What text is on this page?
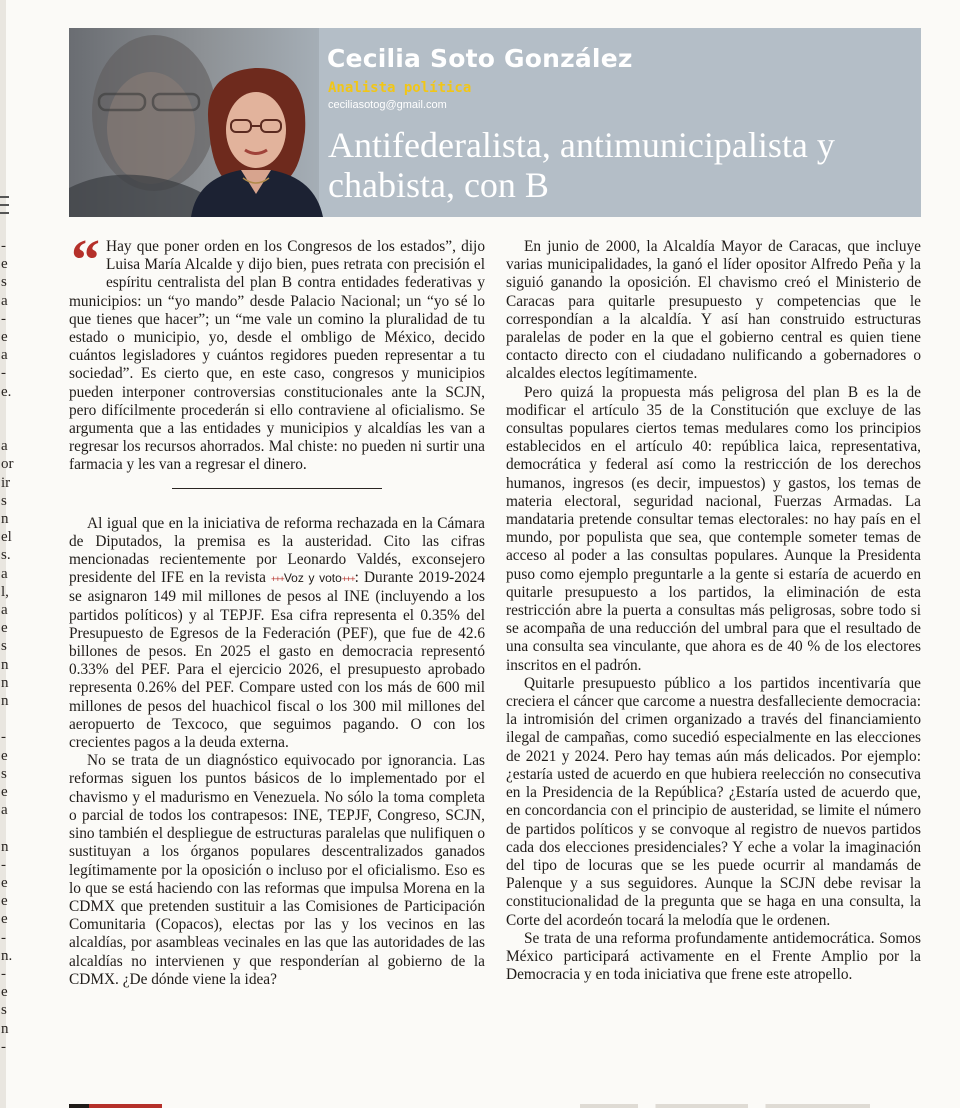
-
e
s
a
-
e
a
-
e.
a
or
ir
s
n
el
s.
a
l,
a
e
s
n
n
n
-
e
s
e
a
n
-
e
e
e
-
n.
-
e
s
n
-
Cecilia Soto González
Analista política
ceciliasotog@gmail.com
Antifederalista, antimunicipalista y chabista, con B

“ Hay que poner orden en los Congresos de los estados”, dijo Luisa María Alcalde y dijo bien, pues retrata con precisión el espíritu centralista del plan B contra entidades federativas y municipios: un “yo mando” desde Palacio Nacional; un “yo sé lo que tienes que hacer”; un “me vale un comino la pluralidad de tu estado o municipio, yo, desde el ombligo de México, decido cuántos legisladores y cuántos regidores pueden representar a tu sociedad”. Es cierto que, en este caso, congresos y municipios pueden interponer controversias constitucionales ante la SCJN, pero difícilmente procederán si ello contraviene al oficialismo. Se argumenta que a las entidades y municipios y alcaldías les van a regresar los recursos ahorrados. Mal chiste: no pueden ni surtir una farmacia y les van a regresar el dinero.

Al igual que en la iniciativa de reforma rechazada en la Cámara de Diputados, la premisa es la austeridad. Cito las cifras mencionadas recientemente por Leonardo Valdés, exconsejero presidente del IFE en la revista +++Voz y voto+++: Durante 2019-2024 se asignaron 149 mil millones de pesos al INE (incluyendo a los partidos políticos) y al TEPJF. Esa cifra representa el 0.35% del Presupuesto de Egresos de la Federación (PEF), que fue de 42.6 billones de pesos. En 2025 el gasto en democracia representó 0.33% del PEF. Para el ejercicio 2026, el presupuesto aprobado representa 0.26% del PEF. Compare usted con los más de 600 mil millones de pesos del huachicol fiscal o los 300 mil millones del aeropuerto de Texcoco, que seguimos pagando. O con los crecientes pagos a la deuda externa.

No se trata de un diagnóstico equivocado por ignorancia. Las reformas siguen los puntos básicos de lo implementado por el chavismo y el madurismo en Venezuela. No sólo la toma completa o parcial de todos los contrapesos: INE, TEPJF, Congreso, SCJN, sino también el despliegue de estructuras paralelas que nulifiquen o sustituyan a los órganos populares descentralizados ganados legítimamente por la oposición o incluso por el oficialismo. Eso es lo que se está haciendo con las reformas que impulsa Morena en la CDMX que pretenden sustituir a las Comisiones de Participación Comunitaria (Copacos), electas por las y los vecinos en las alcaldías, por asambleas vecinales en las que las autoridades de las alcaldías no intervienen y que responderían al gobierno de la CDMX. ¿De dónde viene la idea?

En junio de 2000, la Alcaldía Mayor de Caracas, que incluye varias municipalidades, la ganó el líder opositor Alfredo Peña y la siguió ganando la oposición. El chavismo creó el Ministerio de Caracas para quitarle presupuesto y competencias que le correspondían a la alcaldía. Y así han construido estructuras paralelas de poder en la que el gobierno central es quien tiene contacto directo con el ciudadano nulificando a gobernadores o alcaldes electos legítimamente.

Pero quizá la propuesta más peligrosa del plan B es la de modificar el artículo 35 de la Constitución que excluye de las consultas populares ciertos temas medulares como los principios establecidos en el artículo 40: república laica, representativa, democrática y federal así como la restricción de los derechos humanos, ingresos (es decir, impuestos) y gastos, los temas de materia electoral, seguridad nacional, Fuerzas Armadas. La mandataria pretende consultar temas electorales: no hay país en el mundo, por populista que sea, que contemple someter temas de acceso al poder a las consultas populares. Aunque la Presidenta puso como ejemplo preguntarle a la gente si estaría de acuerdo en quitarle presupuesto a los partidos, la eliminación de esta restricción abre la puerta a consultas más peligrosas, sobre todo si se acompaña de una reducción del umbral para que el resultado de una consulta sea vinculante, que ahora es de 40 % de los electores inscritos en el padrón.

Quitarle presupuesto público a los partidos incentivaría que creciera el cáncer que carcome a nuestra desfalleciente democracia: la intromisión del crimen organizado a través del financiamiento ilegal de campañas, como sucedió especialmente en las elecciones de 2021 y 2024. Pero hay temas aún más delicados. Por ejemplo: ¿estaría usted de acuerdo en que hubiera reelección no consecutiva en la Presidencia de la República? ¿Estaría usted de acuerdo que, en concordancia con el principio de austeridad, se limite el número de partidos políticos y se convoque al registro de nuevos partidos cada dos elecciones presidenciales? Y eche a volar la imaginación del tipo de locuras que se les puede ocurrir al mandamás de Palenque y a sus seguidores. Aunque la SCJN debe revisar la constitucionalidad de la pregunta que se haga en una consulta, la Corte del acordeón tocará la melodía que le ordenen.

Se trata de una reforma profundamente antidemocrática. Somos México participará activamente en el Frente Amplio por la Democracia y en toda iniciativa que frene este atropello.
